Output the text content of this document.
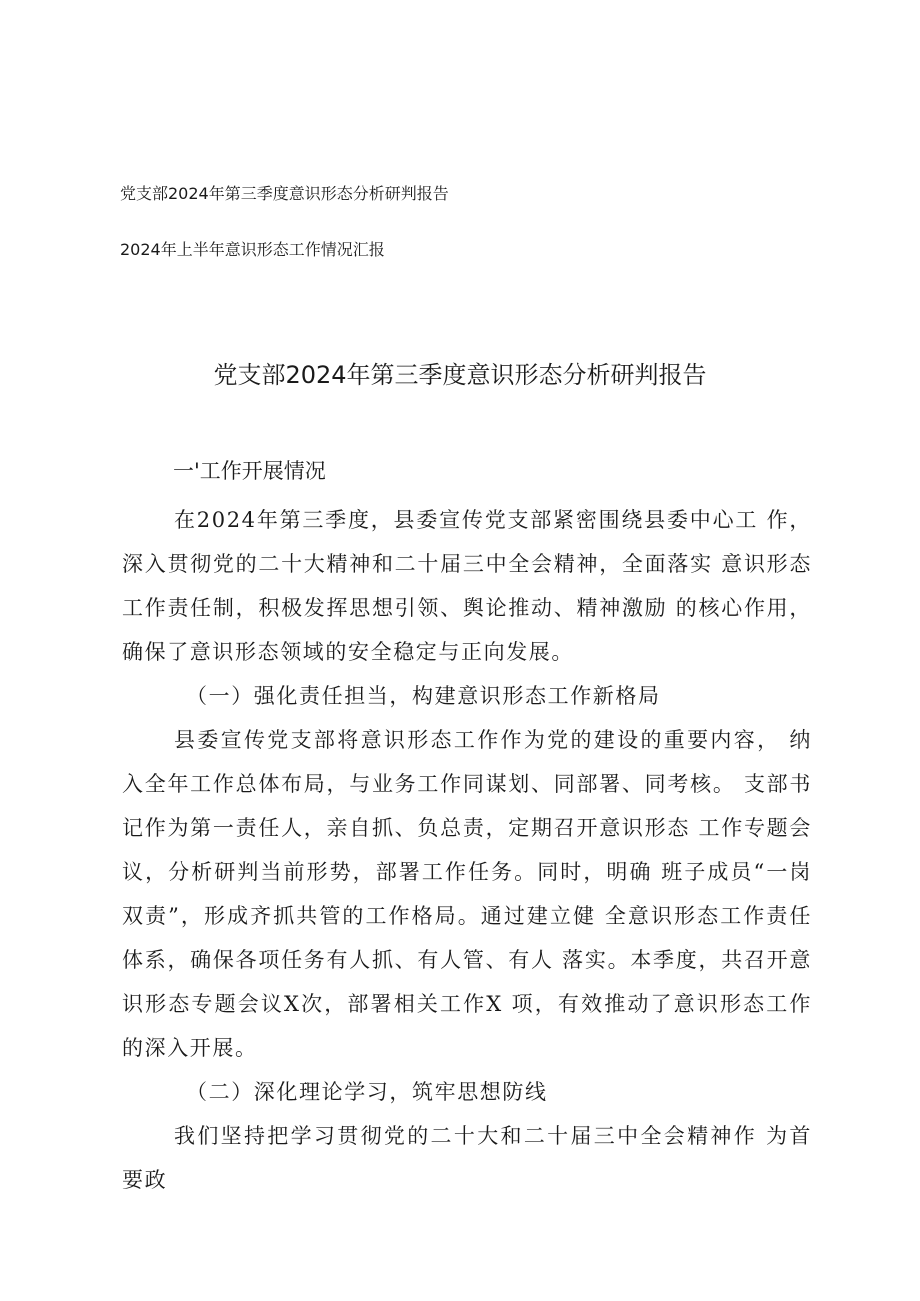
党支部2024年第三季度意识形态分析研判报告
2024年上半年意识形态工作情况汇报
党支部2024年第三季度意识形态分析研判报告
一'工作开展情况

在2024年第三季度，县委宣传党支部紧密围绕县委中心工 作，深入贯彻党的二十大精神和二十届三中全会精神，全面落实 意识形态工作责任制，积极发挥思想引领、舆论推动、精神激励 的核心作用，确保了意识形态领域的安全稳定与正向发展。

（一）强化责任担当，构建意识形态工作新格局

县委宣传党支部将意识形态工作作为党的建设的重要内容， 纳入全年工作总体布局，与业务工作同谋划、同部署、同考核。 支部书记作为第一责任人，亲自抓、负总责，定期召开意识形态 工作专题会议，分析研判当前形势，部署工作任务。同时，明确 班子成员“一岗双责”，形成齐抓共管的工作格局。通过建立健 全意识形态工作责任体系，确保各项任务有人抓、有人管、有人 落实。本季度，共召开意识形态专题会议X次，部署相关工作X 项，有效推动了意识形态工作的深入开展。

（二）深化理论学习，筑牢思想防线

我们坚持把学习贯彻党的二十大和二十届三中全会精神作 为首要政
